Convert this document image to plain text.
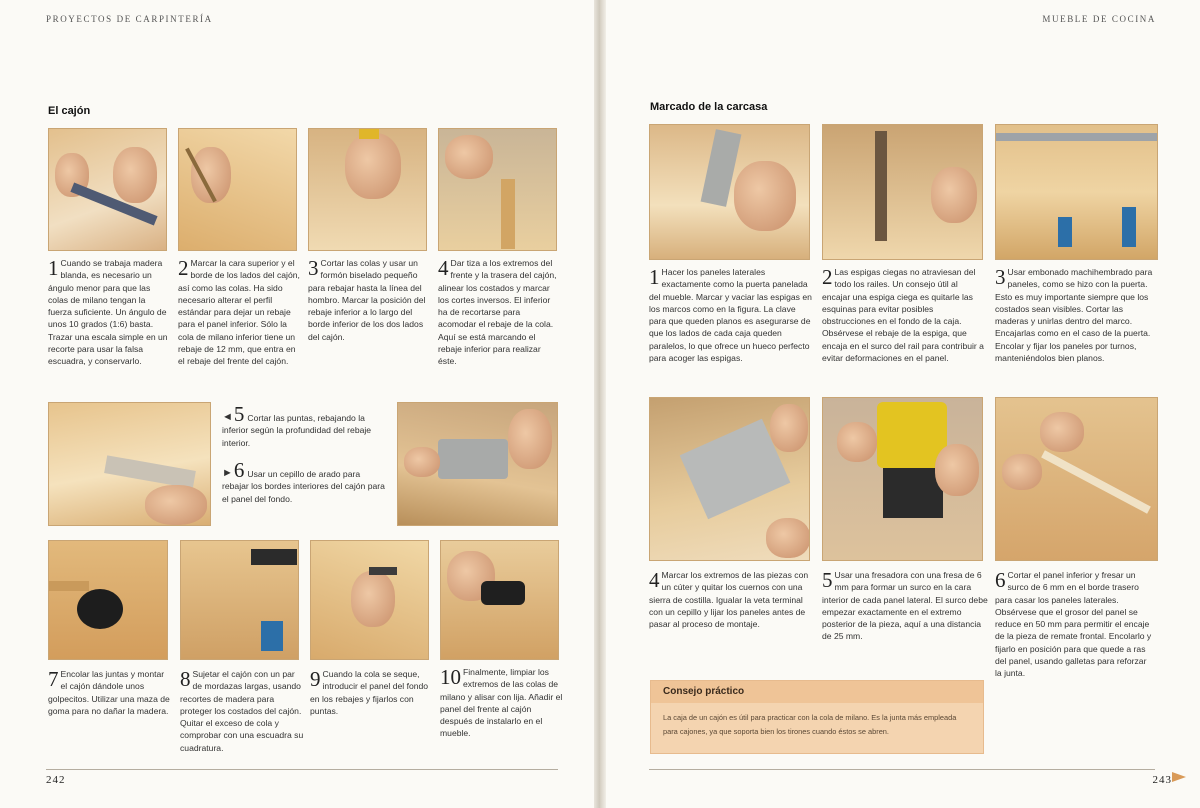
PROYECTOS DE CARPINTERÍA	MUEBLE DE COCINA
El cajón	Marcado de la carcasa
1 Cuando se trabaja madera blanda, es necesario un ángulo menor para que las colas de milano tengan la fuerza suficiente. Un ángulo de unos 10 grados (1:6) basta. Trazar una escala simple en un recorte para usar la falsa escuadra, y conservarlo.
2 Marcar la cara superior y el borde de los lados del cajón, así como las colas. Ha sido necesario alterar el perfil estándar para dejar un rebaje para el panel inferior. Sólo la cola de milano inferior tiene un rebaje de 12 mm, que entra en el rebaje del frente del cajón.
3 Cortar las colas y usar un formón biselado pequeño para rebajar hasta la línea del hombro. Marcar la posición del rebaje inferior a lo largo del borde inferior de los dos lados del cajón.
4 Dar tiza a los extremos del frente y la trasera del cajón, alinear los costados y marcar los cortes inversos. El inferior ha de recortarse para acomodar el rebaje de la cola. Aquí se está marcando el rebaje inferior para realizar éste.
◄5 Cortar las puntas, rebajando la inferior según la profundidad del rebaje interior.
►6 Usar un cepillo de arado para rebajar los bordes interiores del cajón para el panel del fondo.
7 Encolar las juntas y montar el cajón dándole unos golpecitos. Utilizar una maza de goma para no dañar la madera.
8 Sujetar el cajón con un par de mordazas largas, usando recortes de madera para proteger los costados del cajón. Quitar el exceso de cola y comprobar con una escuadra su cuadratura.
9 Cuando la cola se seque, introducir el panel del fondo en los rebajes y fijarlos con puntas.
10 Finalmente, limpiar los extremos de las colas de milano y alisar con lija. Añadir el panel del frente al cajón después de instalarlo en el mueble.
242
1 Hacer los paneles laterales exactamente como la puerta panelada del mueble. Marcar y vaciar las espigas en los marcos como en la figura. La clave para que queden planos es asegurarse de que los lados de cada caja queden paralelos, lo que ofrece un hueco perfecto para acoger las espigas.
2 Las espigas ciegas no atraviesan del todo los railes. Un consejo útil al encajar una espiga ciega es quitarle las esquinas para evitar posibles obstrucciones en el fondo de la caja. Obsérvese el rebaje de la espiga, que encaja en el surco del rail para contribuir a evitar deformaciones en el panel.
3 Usar embonado machihembrado para paneles, como se hizo con la puerta. Esto es muy importante siempre que los costados sean visibles. Cortar las maderas y unirlas dentro del marco. Encajarlas como en el caso de la puerta. Encolar y fijar los paneles por turnos, manteniéndolos bien planos.
4 Marcar los extremos de las piezas con un cúter y quitar los cuernos con una sierra de costilla. Igualar la veta terminal con un cepillo y lijar los paneles antes de pasar al proceso de montaje.
5 Usar una fresadora con una fresa de 6 mm para formar un surco en la cara interior de cada panel lateral. El surco debe empezar exactamente en el extremo posterior de la pieza, aquí a una distancia de 25 mm.
6 Cortar el panel inferior y fresar un surco de 6 mm en el borde trasero para casar los paneles laterales. Obsérvese que el grosor del panel se reduce en 50 mm para permitir el encaje de la pieza de remate frontal. Encolarlo y fijarlo en posición para que quede a ras del panel, usando galletas para reforzar la junta.
Consejo práctico
La caja de un cajón es útil para practicar con la cola de milano. Es la junta más empleada para cajones, ya que soporta bien los tirones cuando éstos se abren.
243
